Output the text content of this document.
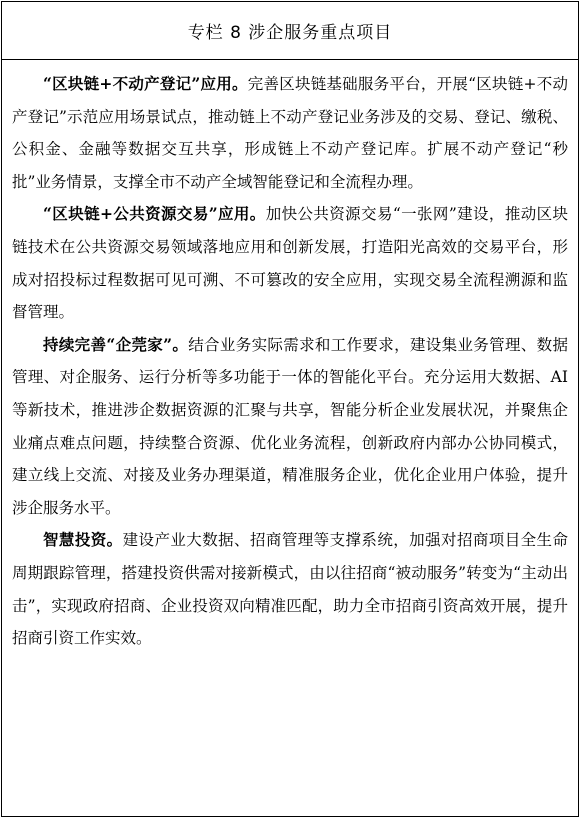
专栏 8 涉企服务重点项目

“区块链+不动产登记”应用。完善区块链基础服务平台，开展“区块链+不动产登记”示范应用场景试点，推动链上不动产登记业务涉及的交易、登记、缴税、公积金、金融等数据交互共享，形成链上不动产登记库。扩展不动产登记“秒批”业务情景，支撑全市不动产全域智能登记和全流程办理。

“区块链+公共资源交易”应用。加快公共资源交易“一张网”建设，推动区块链技术在公共资源交易领域落地应用和创新发展，打造阳光高效的交易平台，形成对招投标过程数据可见可溯、不可篡改的安全应用，实现交易全流程溯源和监督管理。

持续完善“企莞家”。结合业务实际需求和工作要求，建设集业务管理、数据管理、对企服务、运行分析等多功能于一体的智能化平台。充分运用大数据、AI等新技术，推进涉企数据资源的汇聚与共享，智能分析企业发展状况，并聚焦企业痛点难点问题，持续整合资源、优化业务流程，创新政府内部办公协同模式，建立线上交流、对接及业务办理渠道，精准服务企业，优化企业用户体验，提升涉企服务水平。

智慧投资。建设产业大数据、招商管理等支撑系统，加强对招商项目全生命周期跟踪管理，搭建投资供需对接新模式，由以往招商“被动服务”转变为“主动出击”，实现政府招商、企业投资双向精准匹配，助力全市招商引资高效开展，提升招商引资工作实效。
